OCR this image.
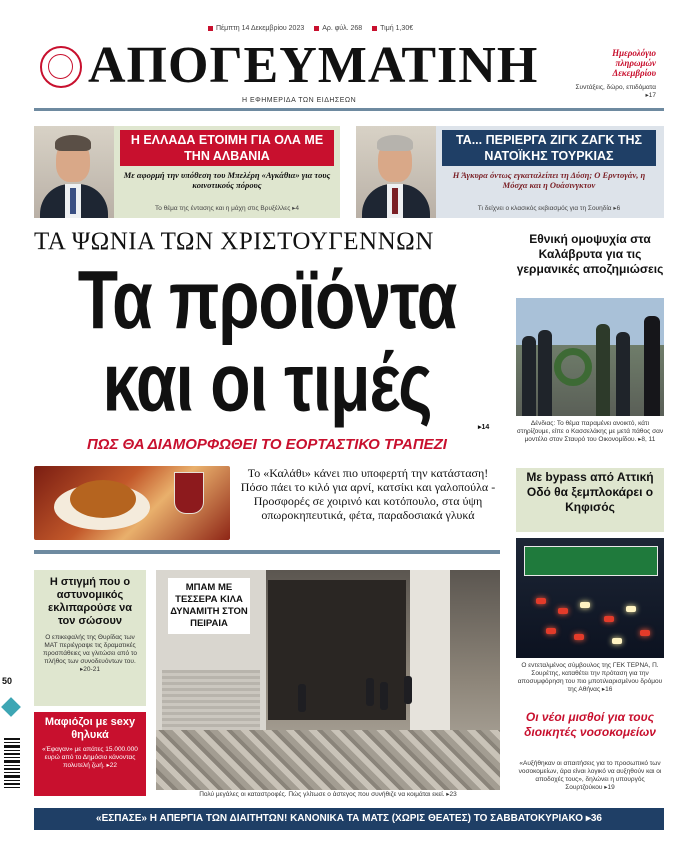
Πέμπτη 14 Δεκεμβρίου 2023	Αρ. φύλ. 268	Τιμή 1,30€
ΑΠΟΓΕΥΜΑΤΙΝΗ
Η ΕΦΗΜΕΡΙΔΑ ΤΩΝ ΕΙΔΗΣΕΩΝ
Ημερολόγιο πληρωμών Δεκεμβρίου
Συντάξεις, δώρο, επιδόματα ▸17
Η ΕΛΛΑΔΑ ΕΤΟΙΜΗ ΓΙΑ ΟΛΑ ΜΕ ΤΗΝ ΑΛΒΑΝΙΑ
Με αφορμή την υπόθεση του Μπελέρη «Αγκάθια» για τους κοινοτικούς πόρους
Το θέμα της έντασης και η μάχη στις Βρυξέλλες ▸4
ΤΑ... ΠΕΡΙΕΡΓΑ ΖΙΓΚ ΖΑΓΚ ΤΗΣ ΝΑΤΟΪΚΗΣ ΤΟΥΡΚΙΑΣ
Η Άγκυρα όντως εγκαταλείπει τη Δύση; Ο Ερντογάν, η Μόσχα και η Ουάσινγκτον
Τι δείχνει ο κλασικός εκβιασμός για τη Σουηδία ▸6
ΤΑ ΨΩΝΙΑ ΤΩΝ ΧΡΙΣΤΟΥΓΕΝΝΩΝ
Τα προϊόντα
και οι τιμές	▸14
ΠΩΣ ΘΑ ΔΙΑΜΟΡΦΩΘΕΙ ΤΟ ΕΟΡΤΑΣΤΙΚΟ ΤΡΑΠΕΖΙ
Το «Καλάθι» κάνει πιο υποφερτή την κατάσταση! Πόσο πάει το κιλό για αρνί, κατσίκι και γαλοπούλα - Προσφορές σε χοιρινό και κοτόπουλο, στα ύψη οπωροκηπευτικά, φέτα, παραδοσιακά γλυκά
Η στιγμή που ο αστυνομικός εκλιπαρούσε να τον σώσουν

Ο επικεφαλής της Θυρίδας των ΜΑΤ περιέγραψε τις δραματικές προσπάθειες να γλιτώσει από το πλήθος των συνοδευόντων του. ▸20-21

Μαφιόζοι με sexy θηλυκά

«Έφαγαν» με απάτες 15.000.000 ευρώ από το Δημόσιο κάνοντας πολυτελή ζωή. ▸22

ΜΠΑΜ ΜΕ ΤΕΣΣΕΡΑ ΚΙΛΑ ΔΥΝΑΜΙΤΗ ΣΤΟΝ ΠΕΙΡΑΙΑ
Πολύ μεγάλες οι καταστροφές. Πώς γλίτωσε ο άστεγος που συνήθιζε να κοιμάται εκεί. ▸23
Εθνική ομοψυχία στα Καλάβρυτα για τις γερμανικές αποζημιώσεις
Δένδιας: Το θέμα παραμένει ανοικτό, κάτι στηρίζουμε, είπε ο Κασσελάκης με μετά πάθος σαν μοντέλο στον Σταυρό του Οικονομίδου. ▸8, 11
Με bypass από Αττική Οδό θα ξεμπλοκάρει ο Κηφισός
Ο εντεταλμένος σύμβουλος της ΓΕΚ ΤΕΡΝΑ, Π. Σουρέτης, καταθέτει την πρόταση για την αποσυμφόρηση του πιο μποτιλιαρισμένου δρόμου της Αθήνας ▸16
Οι νέοι μισθοί για τους διοικητές νοσοκομείων
«Αυξήθηκαν οι απαιτήσεις για το προσωπικό των νοσοκομείων, άρα είναι λογικό να αυξηθούν και οι αποδοχές τους», δηλώνει η υπουργός Σουρτζούκου ▸19
«ΕΣΠΑΣΕ» Η ΑΠΕΡΓΙΑ ΤΩΝ ΔΙΑΙΤΗΤΩΝ! ΚΑΝΟΝΙΚΑ ΤΑ ΜΑΤΣ (ΧΩΡΙΣ ΘΕΑΤΕΣ) ΤΟ ΣΑΒΒΑΤΟΚΥΡΙΑΚΟ ▸36
50
